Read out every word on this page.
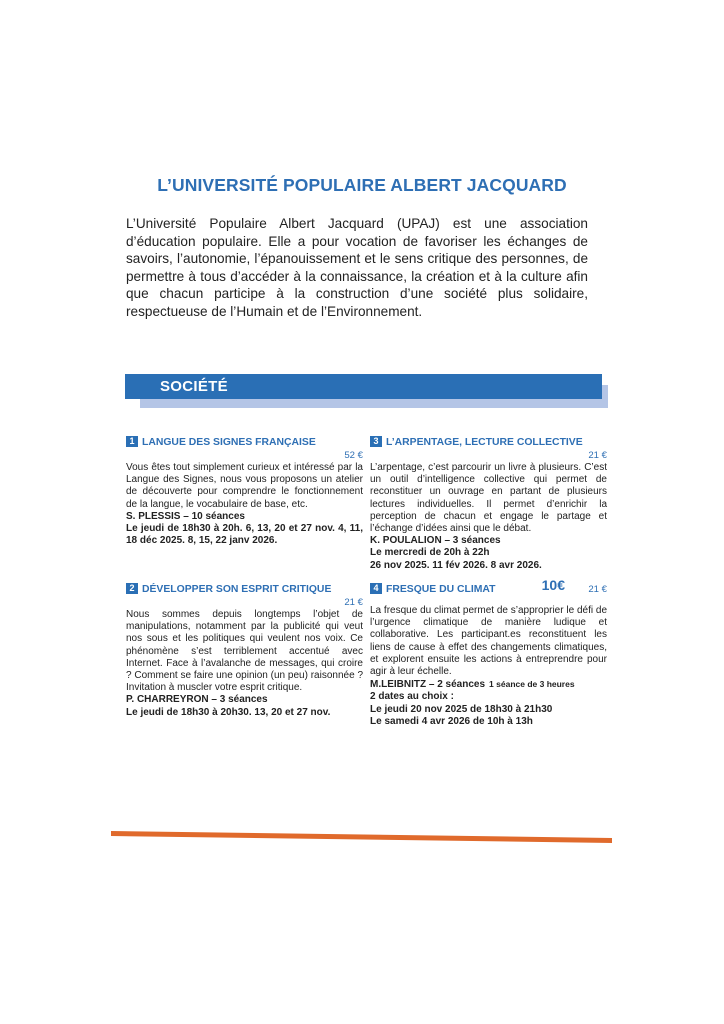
L’UNIVERSITÉ POPULAIRE ALBERT JACQUARD
L’Université Populaire Albert Jacquard (UPAJ) est une association d’éducation populaire. Elle a pour vocation de favoriser les échanges de savoirs, l’autonomie, l’épanouissement et le sens critique des personnes, de permettre à tous d’accéder à la connaissance, la création et à la culture afin que chacun participe à la construction d’une société plus solidaire, respectueuse de l’Humain et de l’Environnement.
SOCIÉTÉ
1 LANGUE DES SIGNES FRANÇAISE
52 €
Vous êtes tout simplement curieux et intéressé par la Langue des Signes, nous vous proposons un atelier de découverte pour comprendre le fonctionnement de la langue, le vocabulaire de base, etc.
S. PLESSIS – 10 séances
Le jeudi de 18h30 à 20h. 6, 13, 20 et 27 nov. 4, 11, 18 déc 2025. 8, 15, 22 janv 2026.
2 DÉVELOPPER SON ESPRIT CRITIQUE
21 €
Nous sommes depuis longtemps l’objet de manipulations, notamment par la publicité qui veut nos sous et les politiques qui veulent nos voix. Ce phénomène s’est terriblement accentué avec Internet. Face à l’avalanche de messages, qui croire ? Comment se faire une opinion (un peu) raisonnée ? Invitation à muscler votre esprit critique.
P. CHARREYRON – 3 séances
Le jeudi de 18h30 à 20h30. 13, 20 et 27 nov.
3 L’ARPENTAGE, LECTURE COLLECTIVE
21 €
L’arpentage, c’est parcourir un livre à plusieurs. C’est un outil d’intelligence collective qui permet de reconstituer un ouvrage en partant de plusieurs lectures individuelles. Il permet d’enrichir la perception de chacun et engage le partage et l’échange d’idées ainsi que le débat.
K. POULALION – 3 séances
Le mercredi de 20h à 22h
26 nov 2025. 11 fév 2026. 8 avr 2026.
4 FRESQUE DU CLIMAT	10€ 21 €
La fresque du climat permet de s’approprier le défi de l’urgence climatique de manière ludique et collaborative. Les participant.es reconstituent les liens de cause à effet des changements climatiques, et explorent ensuite les actions à entreprendre pour agir à leur échelle.
M.LEIBNITZ – 2 séances 1 séance de 3 heures
2 dates au choix :
Le jeudi 20 nov 2025 de 18h30 à 21h30
Le samedi 4 avr 2026 de 10h à 13h
